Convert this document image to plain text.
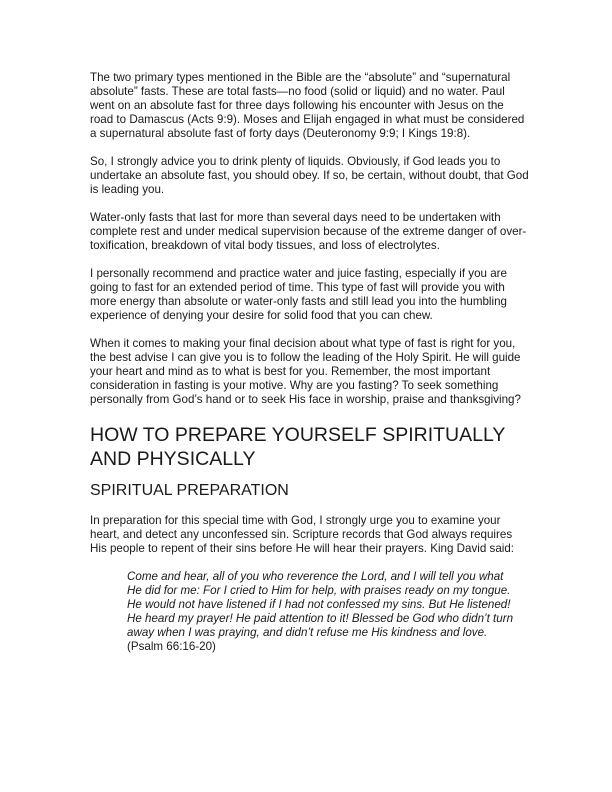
The two primary types mentioned in the Bible are the “absolute” and “supernatural absolute” fasts. These are total fasts—no food (solid or liquid) and no water. Paul went on an absolute fast for three days following his encounter with Jesus on the road to Damascus (Acts 9:9). Moses and Elijah engaged in what must be considered a supernatural absolute fast of forty days (Deuteronomy 9:9; I Kings 19:8).

So, I strongly advice you to drink plenty of liquids. Obviously, if God leads you to undertake an absolute fast, you should obey. If so, be certain, without doubt, that God is leading you.

Water-only fasts that last for more than several days need to be undertaken with complete rest and under medical supervision because of the extreme danger of over-toxification, breakdown of vital body tissues, and loss of electrolytes.

I personally recommend and practice water and juice fasting, especially if you are going to fast for an extended period of time. This type of fast will provide you with more energy than absolute or water-only fasts and still lead you into the humbling experience of denying your desire for solid food that you can chew.

When it comes to making your final decision about what type of fast is right for you, the best advise I can give you is to follow the leading of the Holy Spirit. He will guide your heart and mind as to what is best for you. Remember, the most important consideration in fasting is your motive. Why are you fasting? To seek something personally from God’s hand or to seek His face in worship, praise and thanksgiving?

HOW TO PREPARE YOURSELF SPIRITUALLY AND PHYSICALLY
SPIRITUAL PREPARATION

In preparation for this special time with God, I strongly urge you to examine your heart, and detect any unconfessed sin. Scripture records that God always requires His people to repent of their sins before He will hear their prayers. King David said:

Come and hear, all of you who reverence the Lord, and I will tell you what He did for me: For I cried to Him for help, with praises ready on my tongue. He would not have listened if I had not confessed my sins. But He listened! He heard my prayer! He paid attention to it! Blessed be God who didn’t turn away when I was praying, and didn’t refuse me His kindness and love. (Psalm 66:16-20)
